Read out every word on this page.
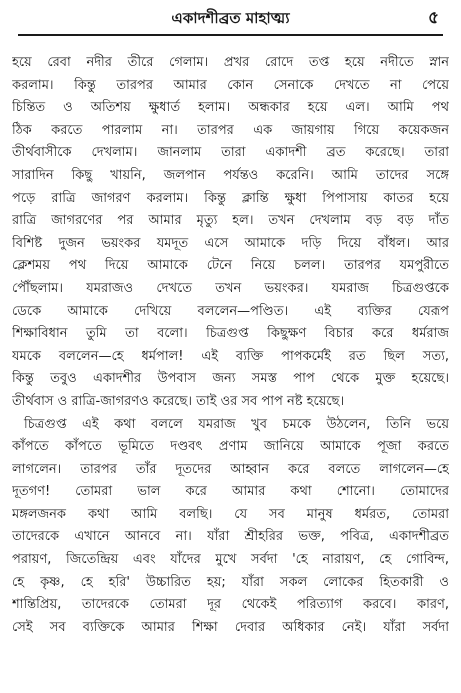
একাদশীব্রত মাহাত্ম্য	৫
হয়ে রেবা নদীর তীরে গেলাম। প্রখর রোদে তপ্ত হয়ে নদীতে স্নান
করলাম। কিন্তু তারপর আমার কোন সেনাকে দেখতে না পেয়ে
চিন্তিত ও অতিশয় ক্ষুধার্ত হলাম। অন্ধকার হয়ে এল। আমি পথ
ঠিক করতে পারলাম না। তারপর এক জায়গায় গিয়ে কয়েকজন
তীর্থবাসীকে দেখলাম। জানলাম তারা একাদশী ব্রত করেছে। তারা
সারাদিন কিছু খায়নি, জলপান পর্যন্তও করেনি। আমি তাদের সঙ্গে
পড়ে রাত্রি জাগরণ করলাম। কিন্তু ক্লান্তি ক্ষুধা পিপাসায় কাতর হয়ে
রাত্রি জাগরণের পর আমার মৃত্যু হল। তখন দেখলাম বড় বড় দাঁত
বিশিষ্ট দুজন ভয়ংকর যমদূত এসে আমাকে দড়ি দিয়ে বাঁধল। আর
ক্লেশময় পথ দিয়ে আমাকে টেনে নিয়ে চলল। তারপর যমপুরীতে
পৌঁছলাম। যমরাজও দেখতে তখন ভয়ংকর। যমরাজ চিত্রগুপ্তকে
ডেকে আমাকে দেখিয়ে বললেন—পণ্ডিত। এই ব্যক্তির যেরূপ
শিক্ষাবিধান তুমি তা বলো। চিত্রগুপ্ত কিছুক্ষণ বিচার করে ধর্মরাজ
যমকে বললেন—হে ধর্মপাল! এই ব্যক্তি পাপকর্মেই রত ছিল সত্য,
কিন্তু তবুও একাদশীর উপবাস জন্য সমস্ত পাপ থেকে মুক্ত হয়েছে।
তীর্থবাস ও রাত্রি-জাগরণও করেছে। তাই ওর সব পাপ নষ্ট হয়েছে।
চিত্রগুপ্ত এই কথা বললে যমরাজ খুব চমকে উঠলেন, তিনি ভয়ে
কাঁপতে কাঁপতে ভূমিতে দণ্ডবৎ প্রণাম জানিয়ে আমাকে পূজা করতে
লাগলেন। তারপর তাঁর দূতদের আহ্বান করে বলতে লাগলেন—হে
দূতগণ! তোমরা ভাল করে আমার কথা শোনো। তোমাদের
মঙ্গলজনক কথা আমি বলছি। যে সব মানুষ ধর্মরত, তোমরা
তাদেরকে এখানে আনবে না। যাঁরা শ্রীহরির ভক্ত, পবিত্র, একাদশীব্রত
পরায়ণ, জিতেন্দ্রিয় এবং যাঁদের মুখে সর্বদা 'হে নারায়ণ, হে গোবিন্দ,
হে কৃষ্ণ, হে হরি' উচ্চারিত হয়; যাঁরা সকল লোকের হিতকারী ও
শান্তিপ্রিয়, তাদেরকে তোমরা দূর থেকেই পরিত্যাগ করবে। কারণ,
সেই সব ব্যক্তিকে আমার শিক্ষা দেবার অধিকার নেই। যাঁরা সর্বদা
